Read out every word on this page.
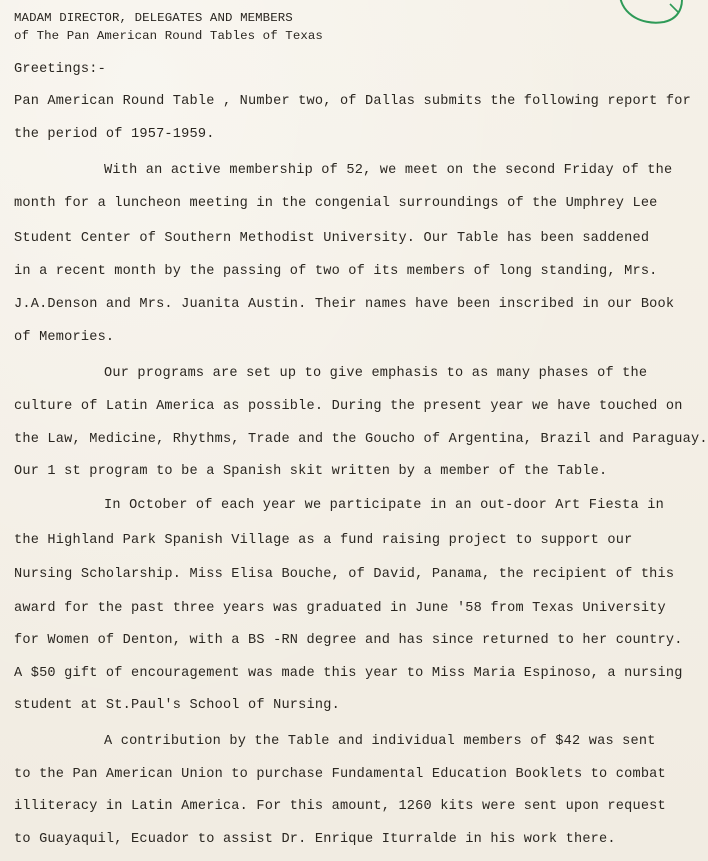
MADAM DIRECTOR, DELEGATES AND MEMBERS
of The Pan American Round Tables of Texas
Greetings:-
Pan American Round Table , Number two, of Dallas submits the following report for
the period of 1957-1959.
With an active membership of 52, we meet on the second Friday of the
month for a luncheon meeting in the congenial surroundings of the Umphrey Lee
Student Center of Southern Methodist University. Our Table has been saddened
in a recent month by the passing of two of its members of long standing, Mrs.
J.A.Denson and Mrs. Juanita Austin. Their names have been inscribed in our Book
of Memories.
Our programs are set up to give emphasis to as many phases of the
culture of Latin America as possible. During the present year we have touched on
the Law, Medicine, Rhythms, Trade and the Goucho of Argentina, Brazil and Paraguay.
Our 1 st program to be a Spanish skit written by a member of the Table.
In October of each year we participate in an out-door Art Fiesta in
the Highland Park Spanish Village as a fund raising project to support our
Nursing Scholarship. Miss Elisa Bouche, of David, Panama, the recipient of this
award for the past three years was graduated in June '58 from Texas University
for Women of Denton, with a BS -RN degree and has since returned to her country.
A $50 gift of encouragement was made this year to Miss Maria Espinoso, a nursing
student at St.Paul's School of Nursing.
A contribution by the Table and individual members of $42 was sent
to the Pan American Union to purchase Fundamental Education Booklets to combat
illiteracy in Latin America. For this amount, 1260 kits were sent upon request
to Guayaquil, Ecuador to assist Dr. Enrique Iturralde in his work there.
